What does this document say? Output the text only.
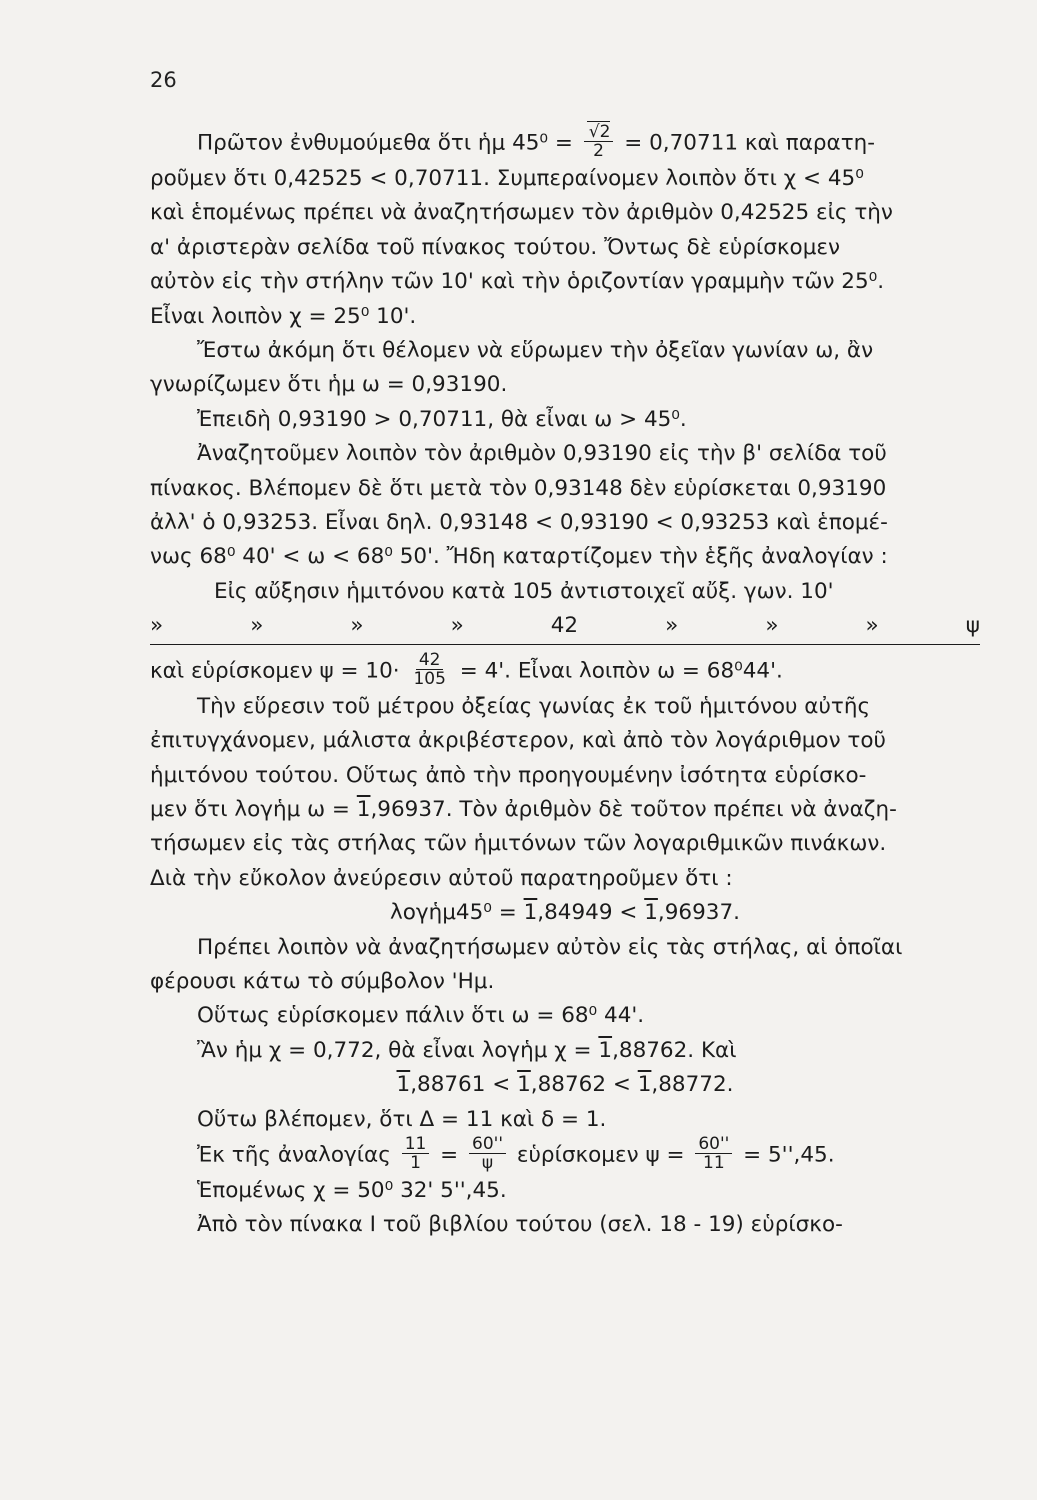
26
Πρῶτον ἐνθυμούμεθα ὅτι ἡμ $45^0 = \frac{√2}{2} = 0,70711$ καὶ παρατη-
ροῦμεν ὅτι 0,42525 < 0,70711. Συμπεραίνομεν λοιπὸν ὅτι χ < 45⁰
καὶ ἑπομένως πρέπει νὰ ἀναζητήσωμεν τὸν ἀριθμὸν 0,42525 εἰς τὴν
α' ἀριστερὰν σελίδα τοῦ πίνακος τούτου. Ὄντως δὲ εὑρίσκομεν
αὐτὸν εἰς τὴν στήλην τῶν 10' καὶ τὴν ὁριζοντίαν γραμμὴν τῶν 25⁰.
Εἶναι λοιπὸν χ = 25⁰ 10'.
Ἔστω ἀκόμη ὅτι θέλομεν νὰ εὕρωμεν τὴν ὀξεῖαν γωνίαν ω, ἂν
γνωρίζωμεν ὅτι ἡμ ω = 0,93190.
Ἐπειδὴ 0,93190 > 0,70711, θὰ εἶναι ω > 45⁰.
Ἀναζητοῦμεν λοιπὸν τὸν ἀριθμὸν 0,93190 εἰς τὴν β' σελίδα τοῦ
πίνακος. Βλέπομεν δὲ ὅτι μετὰ τὸν 0,93148 δὲν εὑρίσκεται 0,93190
ἀλλ' ὁ 0,93253. Εἶναι δηλ. 0,93148 < 0,93190 < 0,93253 καὶ ἑπομέ-
νως 68⁰ 40' < ω < 68⁰ 50'. Ἤδη καταρτίζομεν τὴν ἑξῆς ἀναλογίαν :
Εἰς αὔξησιν ἡμιτόνου κατὰ 105 ἀντιστοιχεῖ αὔξ. γων. 10'
»	»	»	»	42	»	»	»	ψ
καὶ εὑρίσκομεν $\psi = 10\cdot \frac{42}{105} = 4'$. Εἶναι λοιπὸν ω = 68⁰44'.
Τὴν εὕρεσιν τοῦ μέτρου ὀξείας γωνίας ἐκ τοῦ ἡμιτόνου αὐτῆς
ἐπιτυγχάνομεν, μάλιστα ἀκριβέστερον, καὶ ἀπὸ τὸν λογάριθμον τοῦ
ἡμιτόνου τούτου. Οὕτως ἀπὸ τὴν προηγουμένην ἰσότητα εὑρίσκο-
μεν ὅτι λογἡμ ω = 1,96937. Τὸν ἀριθμὸν δὲ τοῦτον πρέπει νὰ ἀναζη-
τήσωμεν εἰς τὰς στήλας τῶν ἡμιτόνων τῶν λογαριθμικῶν πινάκων.
Διὰ τὴν εὔκολον ἀνεύρεσιν αὐτοῦ παρατηροῦμεν ὅτι :
λογἡμ45⁰ = 1,84949 < 1,96937.
Πρέπει λοιπὸν νὰ ἀναζητήσωμεν αὐτὸν εἰς τὰς στήλας, αἱ ὁποῖαι
φέρουσι κάτω τὸ σύμβολον 'Ημ.
Οὕτως εὑρίσκομεν πάλιν ὅτι ω = 68⁰ 44'.
Ἂν ἡμ χ = 0,772, θὰ εἶναι λογἡμ χ = 1,88762. Καὶ
1,88761 < 1,88762 < 1,88772.
Οὕτω βλέπομεν, ὅτι Δ = 11 καὶ δ = 1.
Ἐκ τῆς ἀναλογίας $\frac{11}{1} = \frac{60''}{\psi}$ εὑρίσκομεν $\psi = \frac{60''}{11} = 5'',45$.
Ἑπομένως χ = 50⁰ 32' 5'',45.
Ἀπὸ τὸν πίνακα Ι τοῦ βιβλίου τούτου (σελ. 18 - 19) εὑρίσκο-
